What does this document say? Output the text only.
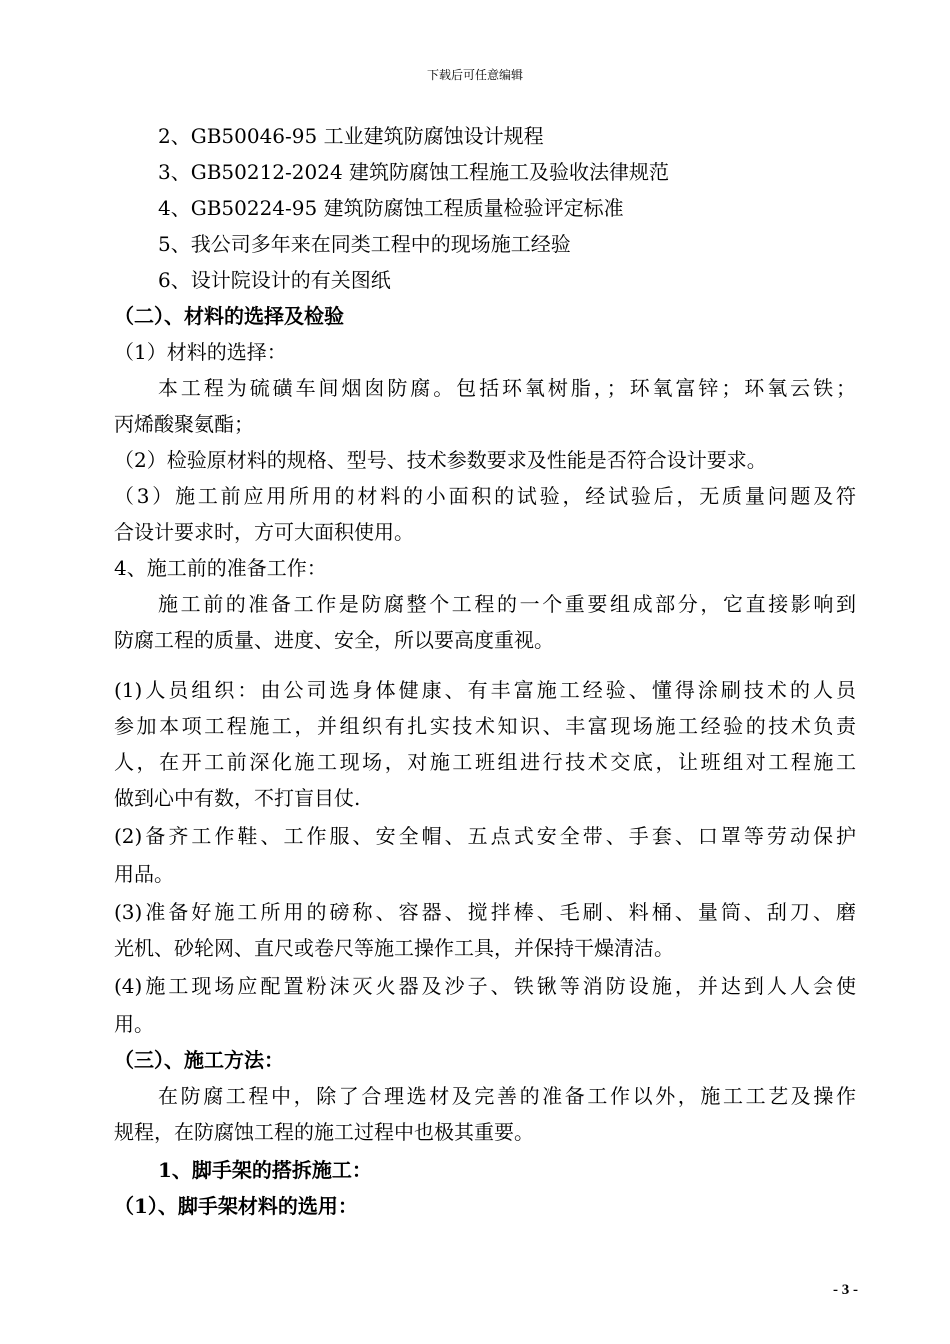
下载后可任意编辑
2、GB50046-95 工业建筑防腐蚀设计规程
3、GB50212-2024 建筑防腐蚀工程施工及验收法律规范
4、GB50224-95 建筑防腐蚀工程质量检验评定标准
5、我公司多年来在同类工程中的现场施工经验
6、设计院设计的有关图纸
（二）、材料的选择及检验
（1）材料的选择：
本工程为硫磺车间烟囱防腐。包括环氧树脂，；环氧富锌；环氧云铁；
丙烯酸聚氨酯；
（2）检验原材料的规格、型号、技术参数要求及性能是否符合设计要求。
（3）施工前应用所用的材料的小面积的试验，经试验后，无质量问题及符
合设计要求时，方可大面积使用。
4、施工前的准备工作：
施工前的准备工作是防腐整个工程的一个重要组成部分，它直接影响到
防腐工程的质量、进度、安全，所以要高度重视。
(1)人员组织：由公司选身体健康、有丰富施工经验、懂得涂刷技术的人员
参加本项工程施工，并组织有扎实技术知识、丰富现场施工经验的技术负责
人，在开工前深化施工现场，对施工班组进行技术交底，让班组对工程施工
做到心中有数，不打盲目仗.
(2)备齐工作鞋、工作服、安全帽、五点式安全带、手套、口罩等劳动保护
用品。
(3)准备好施工所用的磅称、容器、搅拌棒、毛刷、料桶、量筒、刮刀、磨
光机、砂轮网、直尺或卷尺等施工操作工具，并保持干燥清洁。
(4)施工现场应配置粉沫灭火器及沙子、铁锹等消防设施，并达到人人会使
用。
（三）、施工方法：
在防腐工程中，除了合理选材及完善的准备工作以外，施工工艺及操作
规程，在防腐蚀工程的施工过程中也极其重要。
1、脚手架的搭拆施工：
（1）、脚手架材料的选用：
- 3 -
